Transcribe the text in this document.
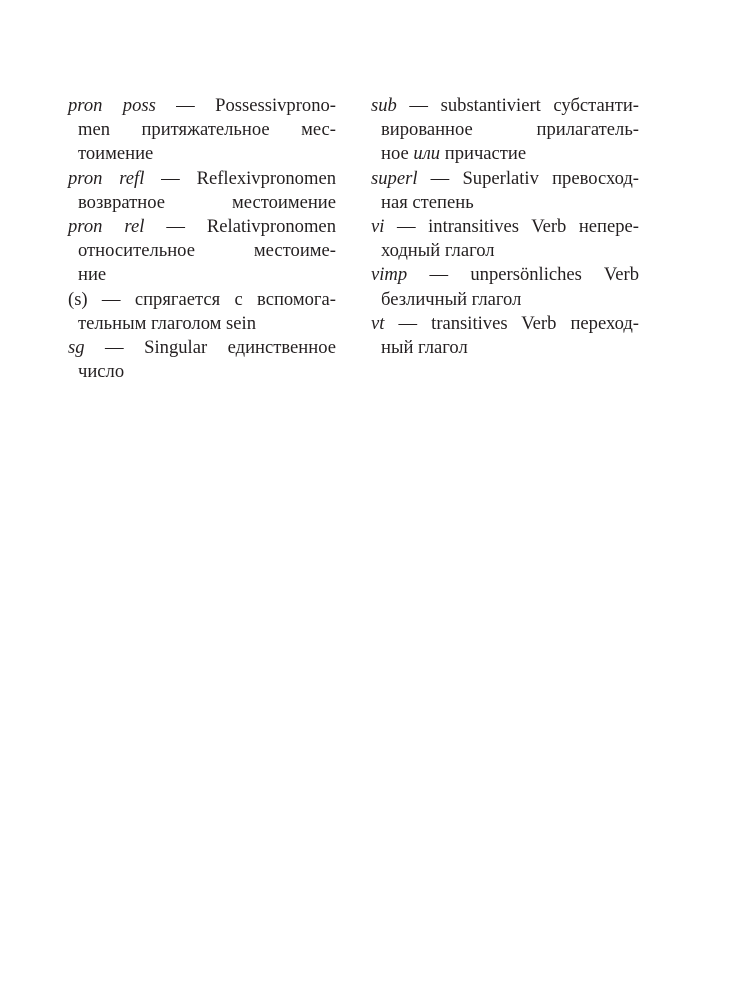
pron poss — Possessivprono-
men притяжательное мес-
тоимение
pron refl — Reflexivpronomen
возвратное местоимение
pron rel — Relativpronomen
относительное местоиме-
ние
(s) — спрягается с вспомога-
тельным глаголом sein
sg — Singular единственное
число
sub — substantiviert субстанти-
вированное прилагатель-
ное или причастие
superl — Superlativ превосход-
ная степень
vi — intransitives Verb непере-
ходный глагол
vimp — unpersönliches Verb
безличный глагол
vt — transitives Verb переход-
ный глагол
